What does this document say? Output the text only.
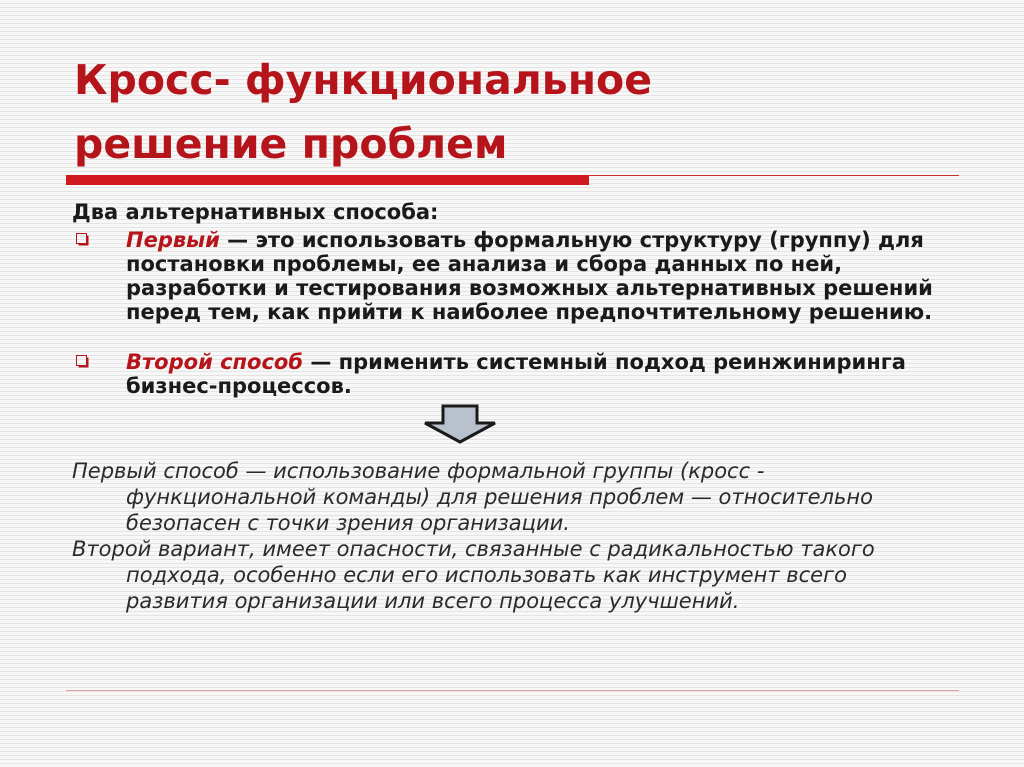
Кросс- функциональное
решение проблем

Два альтернативных способа:

Первый — это использовать формальную структуру (группу) для постановки проблемы, ее анализа и сбора данных по ней, разработки и тестирования возможных альтернативных решений перед тем, как прийти к наиболее предпочтительному решению.

Второй способ — применить системный подход реинжиниринга бизнес-процессов.

Первый способ — использование формальной группы (кросс - функциональной команды) для решения проблем — относительно безопасен с точки зрения организации.

Второй вариант, имеет опасности, связанные с радикальностью такого подхода, особенно если его использовать как инструмент всего развития организации или всего процесса улучшений.
